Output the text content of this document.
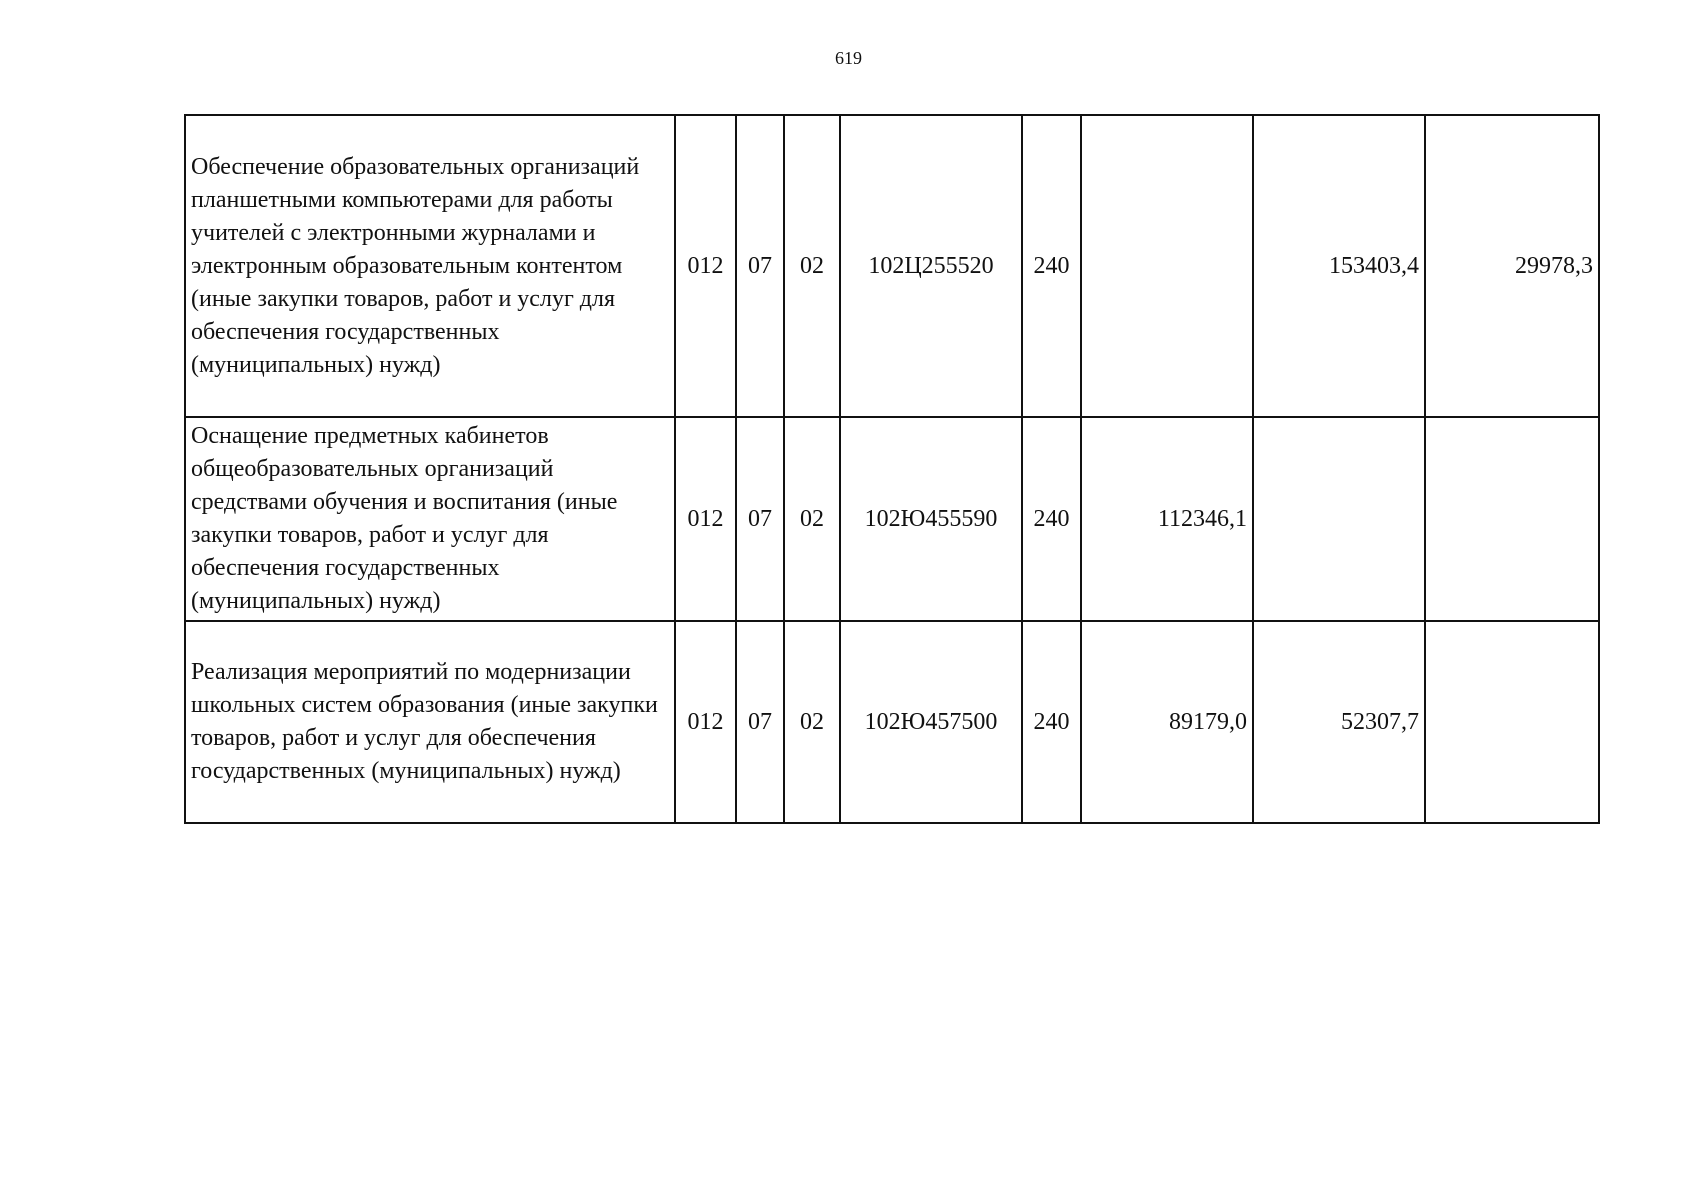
619
Обеспечение образовательных организаций планшетными компьютерами для работы учителей с электронными журналами и электронным образовательным контентом (иные закупки товаров, работ и услуг для обеспечения государственных (муниципальных) нужд)	012	07	02	102Ц255520	240		153403,4	29978,3
Оснащение предметных кабинетов общеобразовательных организаций средствами обучения и воспитания (иные закупки товаров, работ и услуг для обеспечения государственных (муниципальных) нужд)	012	07	02	102Ю455590	240	112346,1		
Реализация мероприятий по модернизации школьных систем образования (иные закупки товаров, работ и услуг для обеспечения государственных (муниципальных) нужд)	012	07	02	102Ю457500	240	89179,0	52307,7	
